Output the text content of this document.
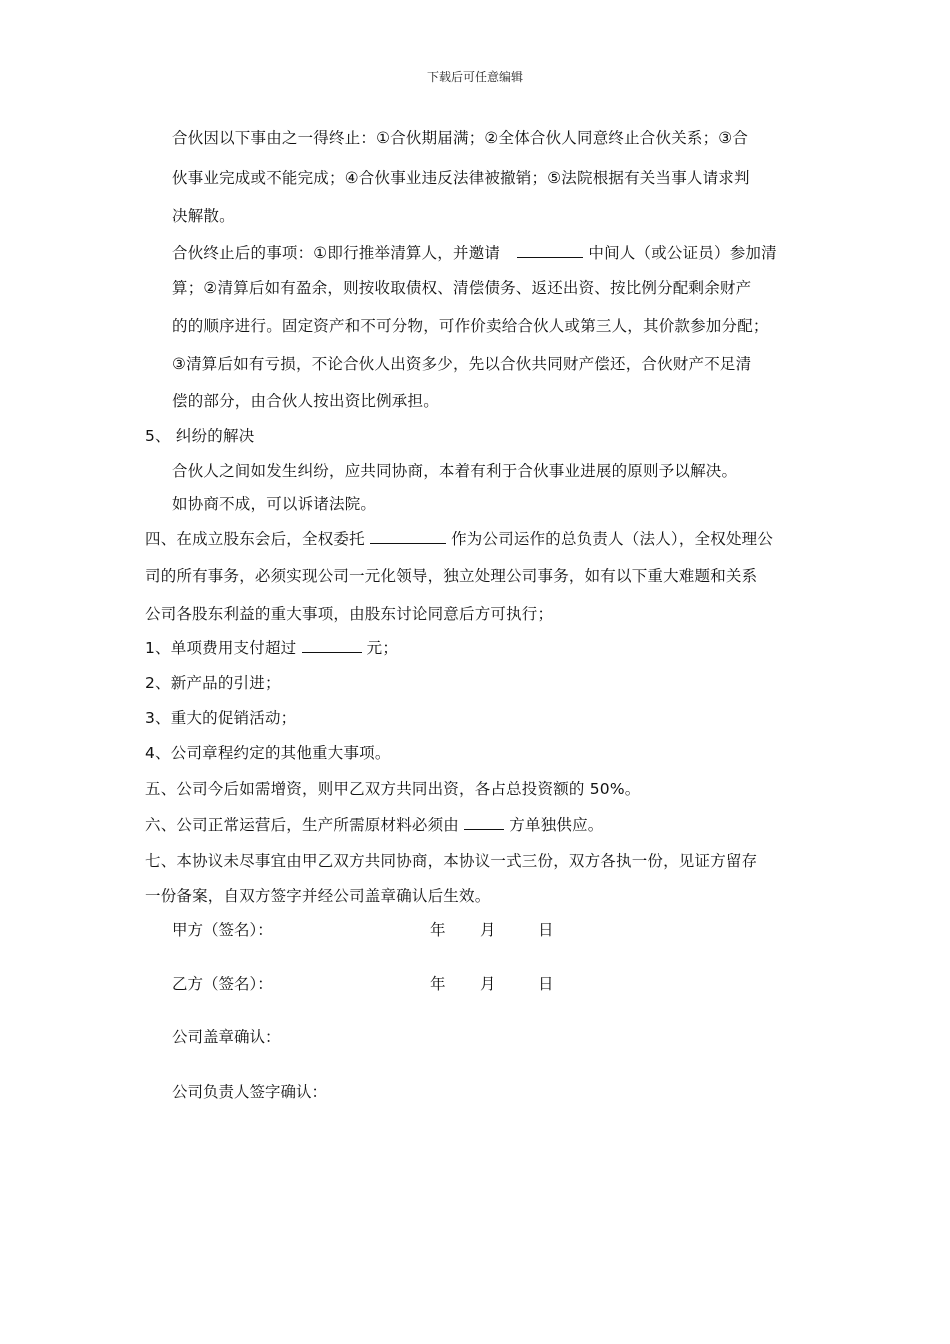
下载后可任意编辑
合伙因以下事由之一得终止：①合伙期届满；②全体合伙人同意终止合伙关系；③合
伙事业完成或不能完成；④合伙事业违反法律被撤销；⑤法院根据有关当事人请求判
决解散。
合伙终止后的事项：①即行推举清算人，并邀请	中间人（或公证员）参加清
算；②清算后如有盈余，则按收取债权、清偿债务、返还出资、按比例分配剩余财产
的的顺序进行。固定资产和不可分物，可作价卖给合伙人或第三人，其价款参加分配；
③清算后如有亏损，不论合伙人出资多少，先以合伙共同财产偿还，合伙财产不足清
偿的部分，由合伙人按出资比例承担。
5、 纠纷的解决
合伙人之间如发生纠纷，应共同协商，本着有利于合伙事业进展的原则予以解决。
如协商不成，可以诉诸法院。
四、在成立股东会后，全权委托	作为公司运作的总负责人（法人），全权处理公
司的所有事务，必须实现公司一元化领导，独立处理公司事务，如有以下重大难题和关系
公司各股东利益的重大事项，由股东讨论同意后方可执行；
1、单项费用支付超过	元；
2、新产品的引进；
3、重大的促销活动；
4、公司章程约定的其他重大事项。
五、公司今后如需增资，则甲乙双方共同出资，各占总投资额的 50%。
六、公司正常运营后，生产所需原材料必须由	方单独供应。
七、本协议未尽事宜由甲乙双方共同协商，本协议一式三份，双方各执一份，见证方留存
一份备案，自双方签字并经公司盖章确认后生效。
甲方（签名）：	年 月	日
乙方（签名）：	年 月	日
公司盖章确认：
公司负责人签字确认：
